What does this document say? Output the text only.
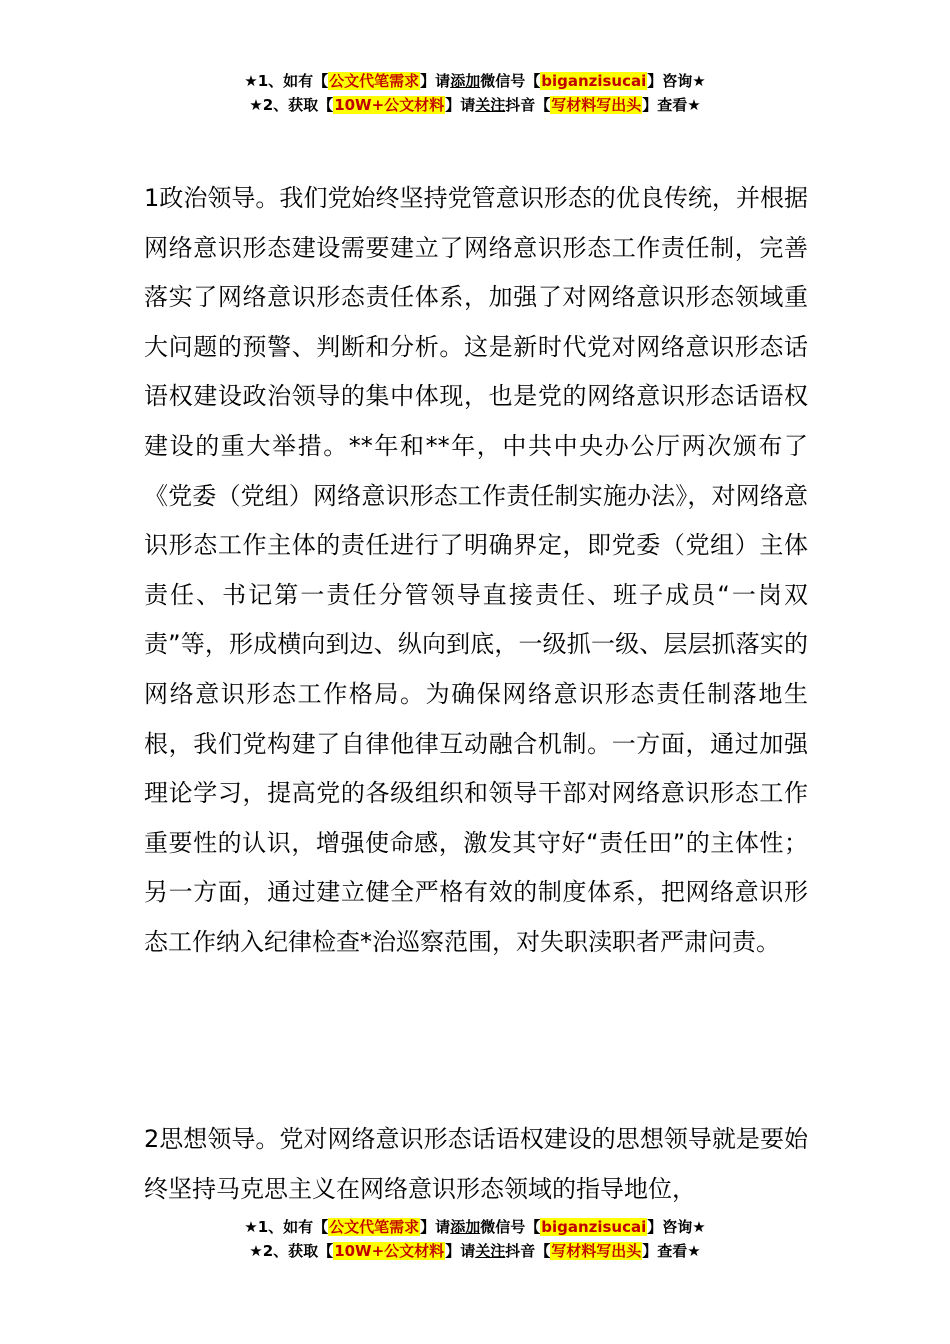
★1、如有【公文代笔需求】请添加微信号【biganzisucai】咨询★
★2、获取【10W+公文材料】请关注抖音【写材料写出头】查看★

1政治领导。我们党始终坚持党管意识形态的优良传统，并根据网络意识形态建设需要建立了网络意识形态工作责任制，完善落实了网络意识形态责任体系，加强了对网络意识形态领域重大问题的预警、判断和分析。这是新时代党对网络意识形态话语权建设政治领导的集中体现，也是党的网络意识形态话语权建设的重大举措。**年和**年，中共中央办公厅两次颁布了《党委（党组）网络意识形态工作责任制实施办法》，对网络意识形态工作主体的责任进行了明确界定，即党委（党组）主体责任、书记第一责任分管领导直接责任、班子成员“一岗双责”等，形成横向到边、纵向到底，一级抓一级、层层抓落实的网络意识形态工作格局。为确保网络意识形态责任制落地生根，我们党构建了自律他律互动融合机制。一方面，通过加强理论学习，提高党的各级组织和领导干部对网络意识形态工作重要性的认识，增强使命感，激发其守好“责任田”的主体性；另一方面，通过建立健全严格有效的制度体系，把网络意识形态工作纳入纪律检查*治巡察范围，对失职渎职者严肃问责。

2思想领导。党对网络意识形态话语权建设的思想领导就是要始终坚持马克思主义在网络意识形态领域的指导地位，

★1、如有【公文代笔需求】请添加微信号【biganzisucai】咨询★
★2、获取【10W+公文材料】请关注抖音【写材料写出头】查看★
